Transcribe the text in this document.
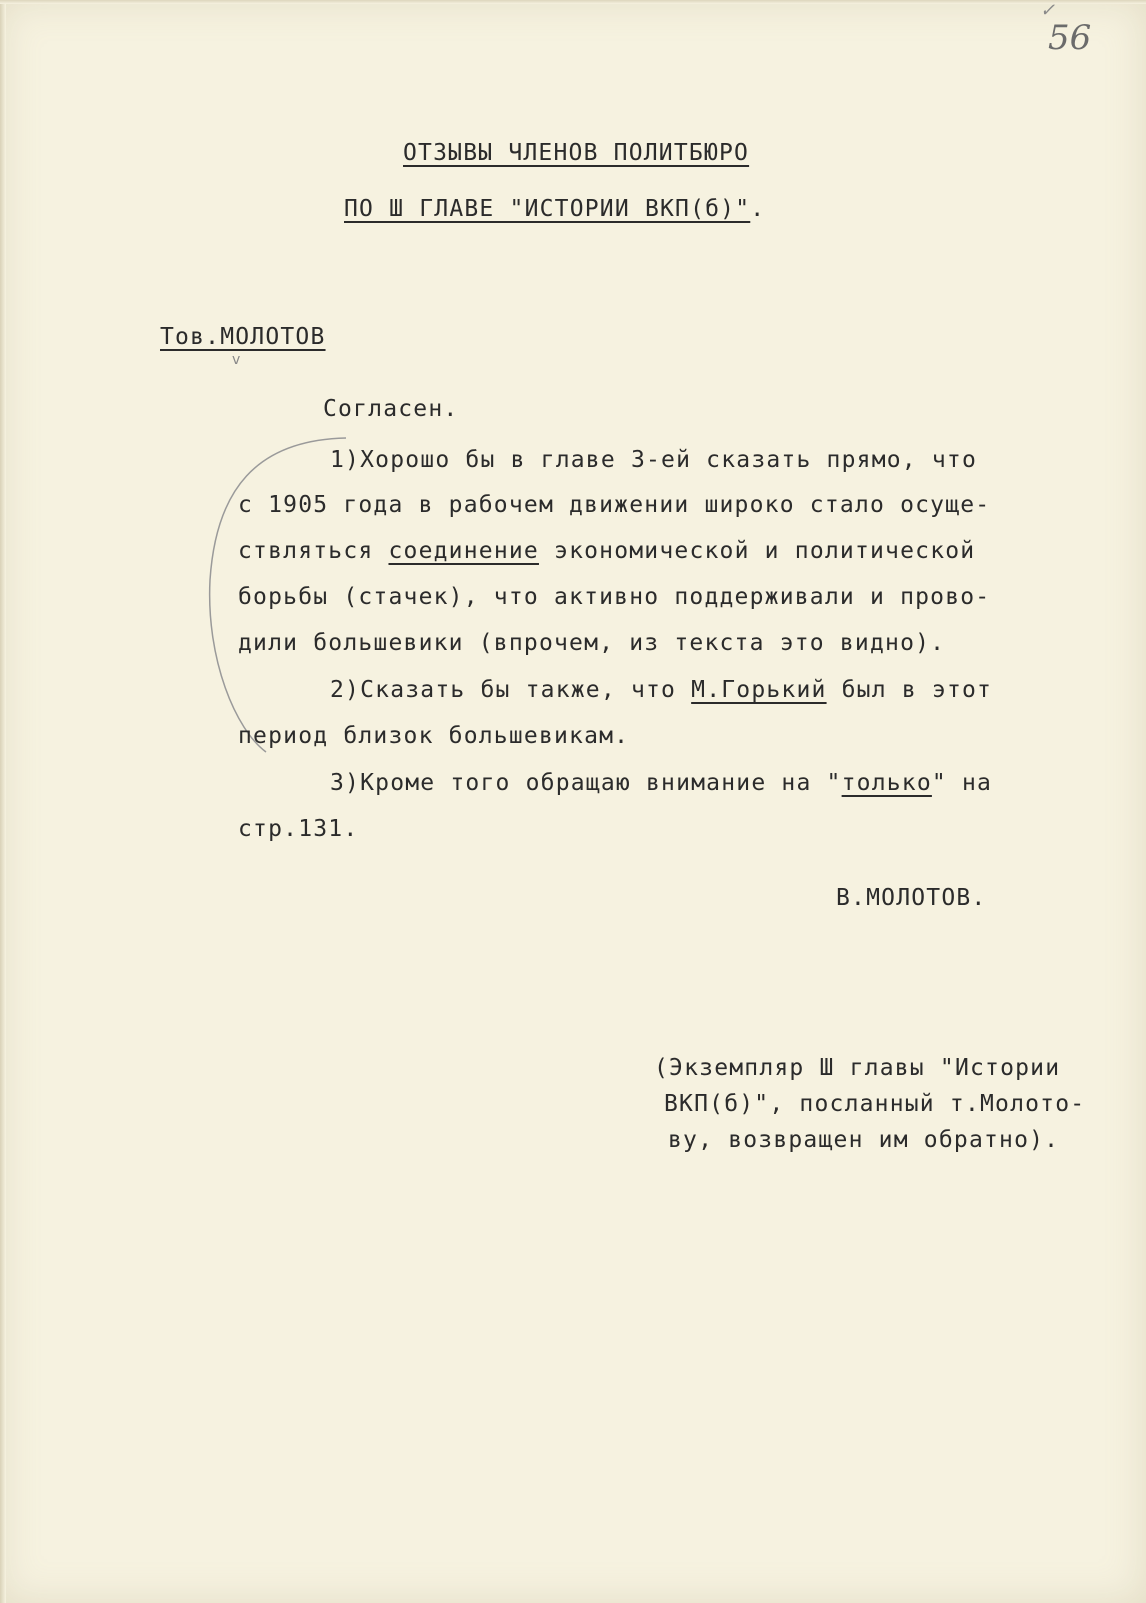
✓
56
ОТЗЫВЫ ЧЛЕНОВ ПОЛИТБЮРО
ПО Ш ГЛАВЕ "ИСТОРИИ ВКП(б)".
Тов.МОЛОТОВ
v
Согласен.
1)Хорошо бы в главе 3-ей сказать прямо, что
с 1905 года в рабочем движении широко стало осуще-
ствляться соединение экономической и политической
борьбы (стачек), что активно поддерживали и прово-
дили большевики (впрочем, из текста это видно).
2)Сказать бы также, что М.Горький был в этот
период близок большевикам.
3)Кроме того обращаю внимание на "только" на
стр.131.
В.МОЛОТОВ.
(Экземпляр Ш главы "Истории
ВКП(б)", посланный т.Молото-
ву, возвращен им обратно).
